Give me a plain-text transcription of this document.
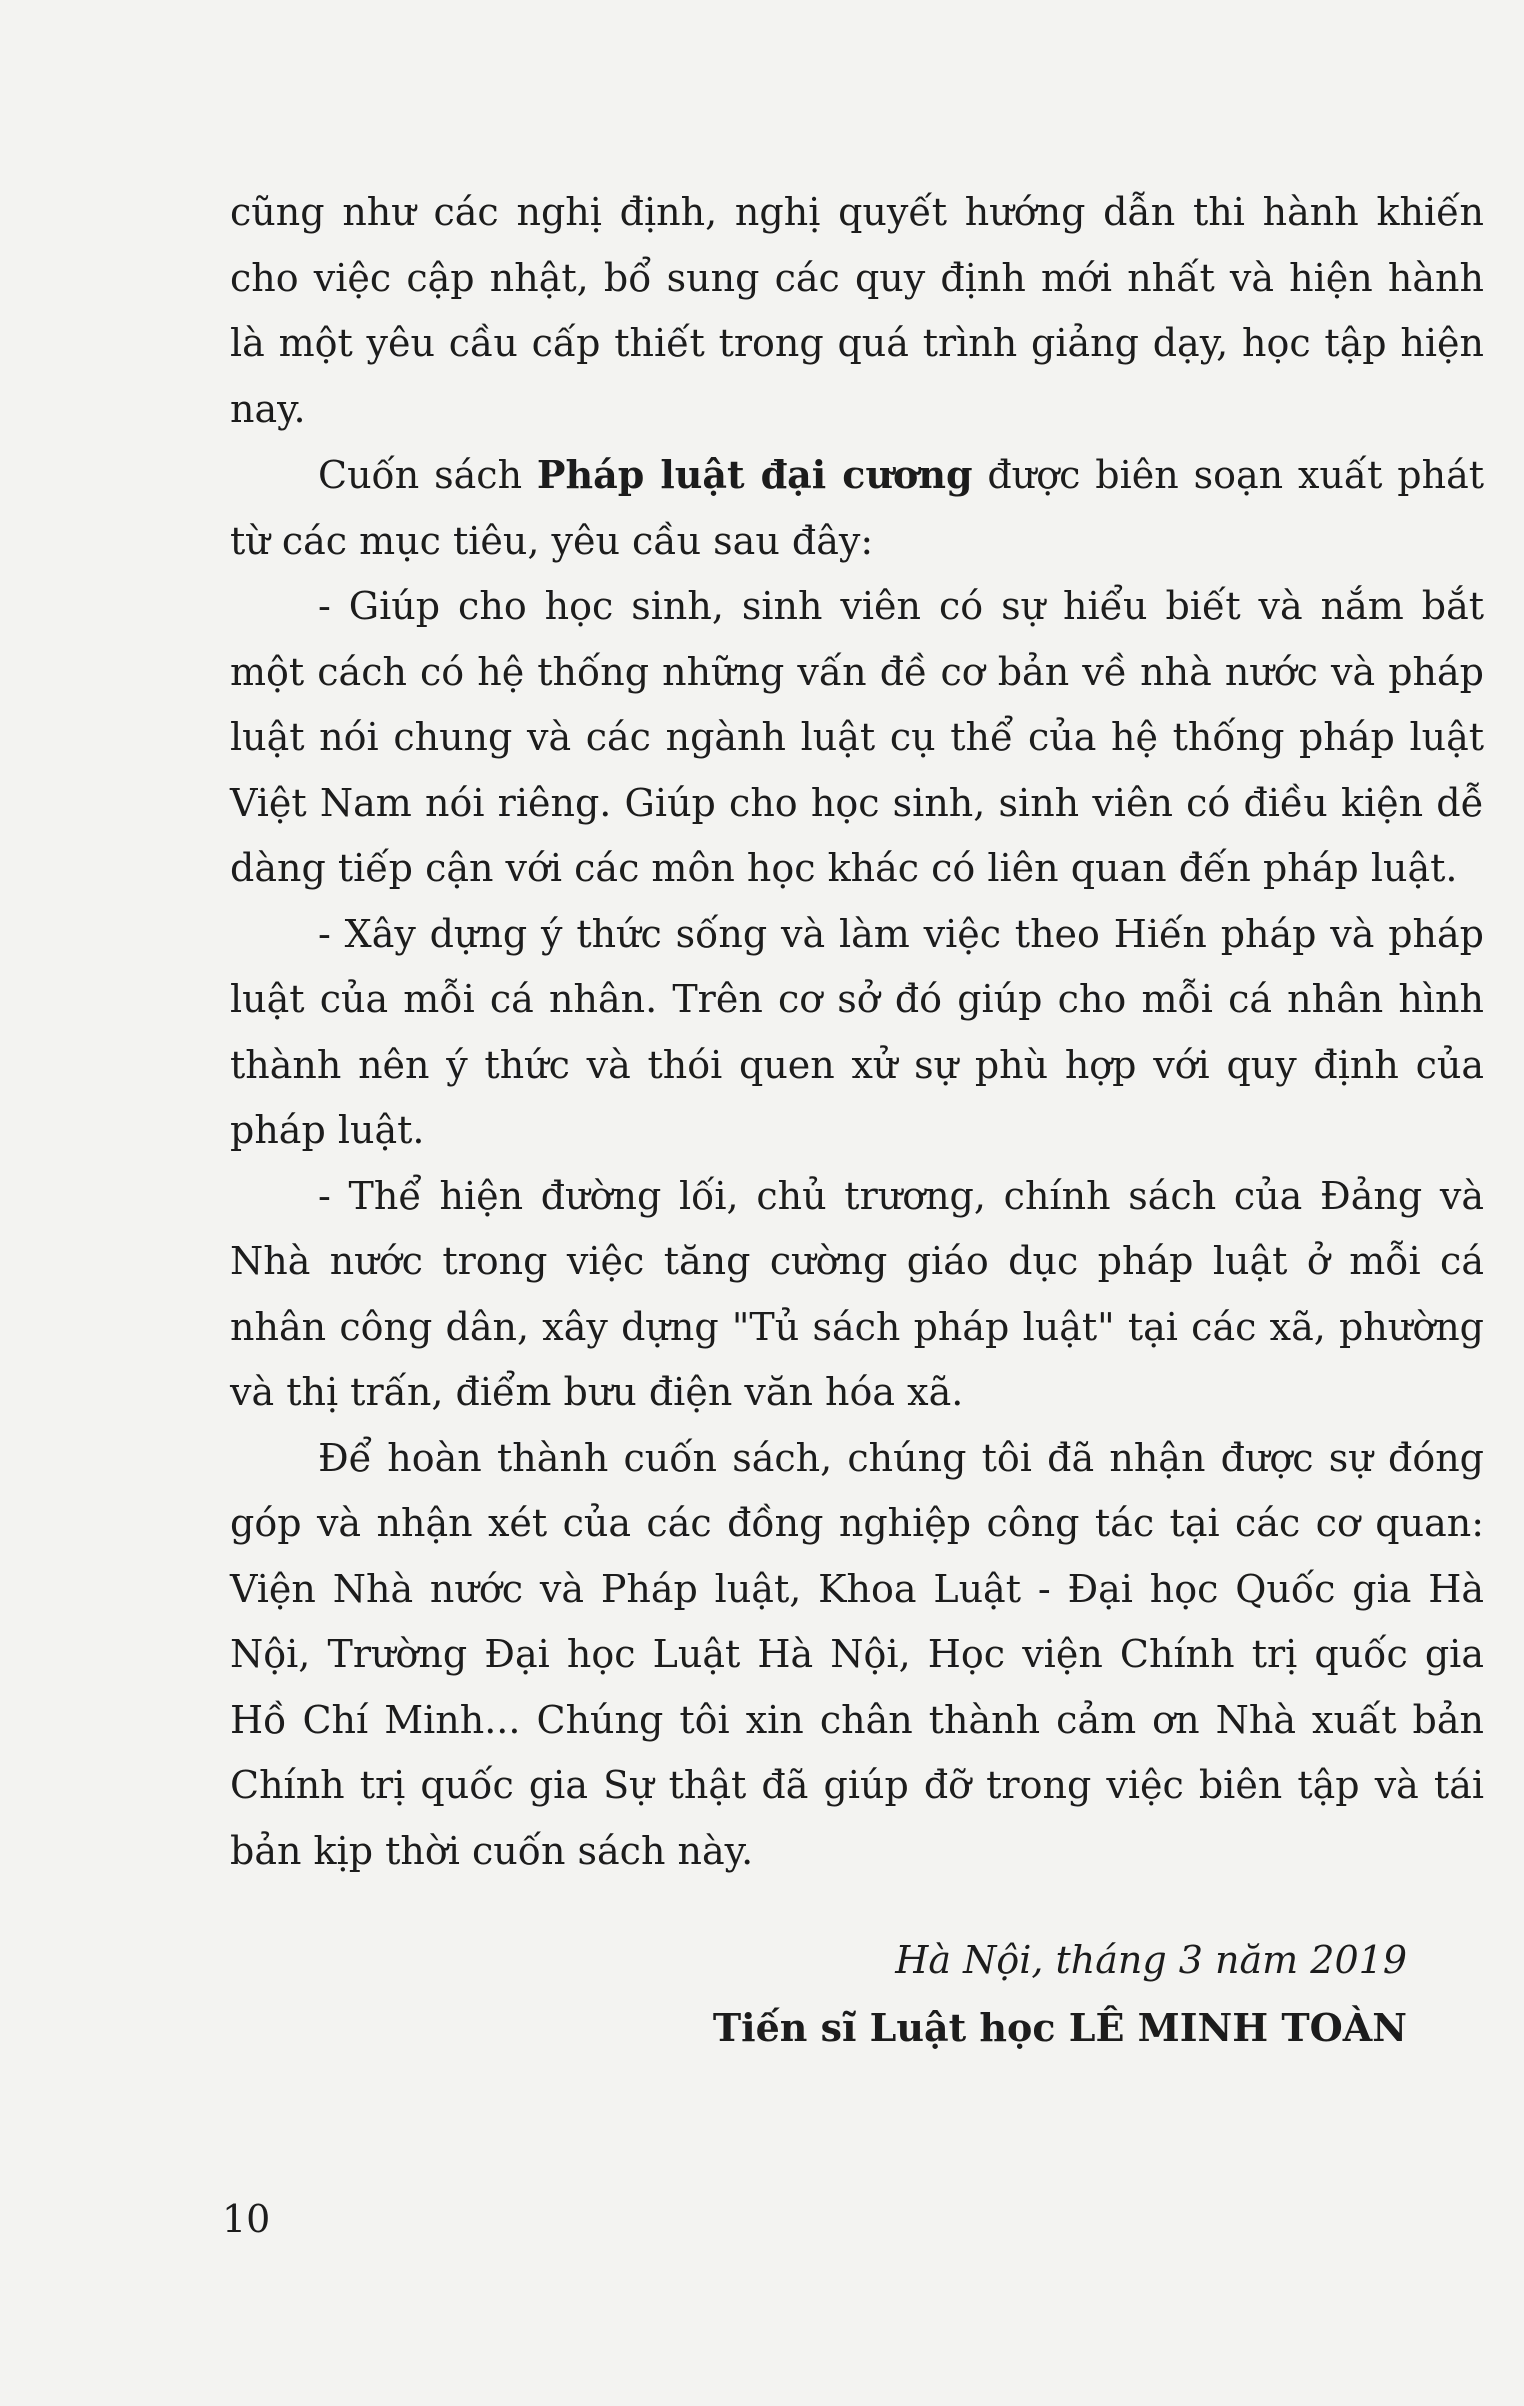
cũng như các nghị định, nghị quyết hướng dẫn thi hành khiến cho việc cập nhật, bổ sung các quy định mới nhất và hiện hành là một yêu cầu cấp thiết trong quá trình giảng dạy, học tập hiện nay.

Cuốn sách Pháp luật đại cương được biên soạn xuất phát từ các mục tiêu, yêu cầu sau đây:

- Giúp cho học sinh, sinh viên có sự hiểu biết và nắm bắt một cách có hệ thống những vấn đề cơ bản về nhà nước và pháp luật nói chung và các ngành luật cụ thể của hệ thống pháp luật Việt Nam nói riêng. Giúp cho học sinh, sinh viên có điều kiện dễ dàng tiếp cận với các môn học khác có liên quan đến pháp luật.

- Xây dựng ý thức sống và làm việc theo Hiến pháp và pháp luật của mỗi cá nhân. Trên cơ sở đó giúp cho mỗi cá nhân hình thành nên ý thức và thói quen xử sự phù hợp với quy định của pháp luật.

- Thể hiện đường lối, chủ trương, chính sách của Đảng và Nhà nước trong việc tăng cường giáo dục pháp luật ở mỗi cá nhân công dân, xây dựng "Tủ sách pháp luật" tại các xã, phường và thị trấn, điểm bưu điện văn hóa xã.

Để hoàn thành cuốn sách, chúng tôi đã nhận được sự đóng góp và nhận xét của các đồng nghiệp công tác tại các cơ quan: Viện Nhà nước và Pháp luật, Khoa Luật - Đại học Quốc gia Hà Nội, Trường Đại học Luật Hà Nội, Học viện Chính trị quốc gia Hồ Chí Minh... Chúng tôi xin chân thành cảm ơn Nhà xuất bản Chính trị quốc gia Sự thật đã giúp đỡ trong việc biên tập và tái bản kịp thời cuốn sách này.

Hà Nội, tháng 3 năm 2019
Tiến sĩ Luật học LÊ MINH TOÀN
10
